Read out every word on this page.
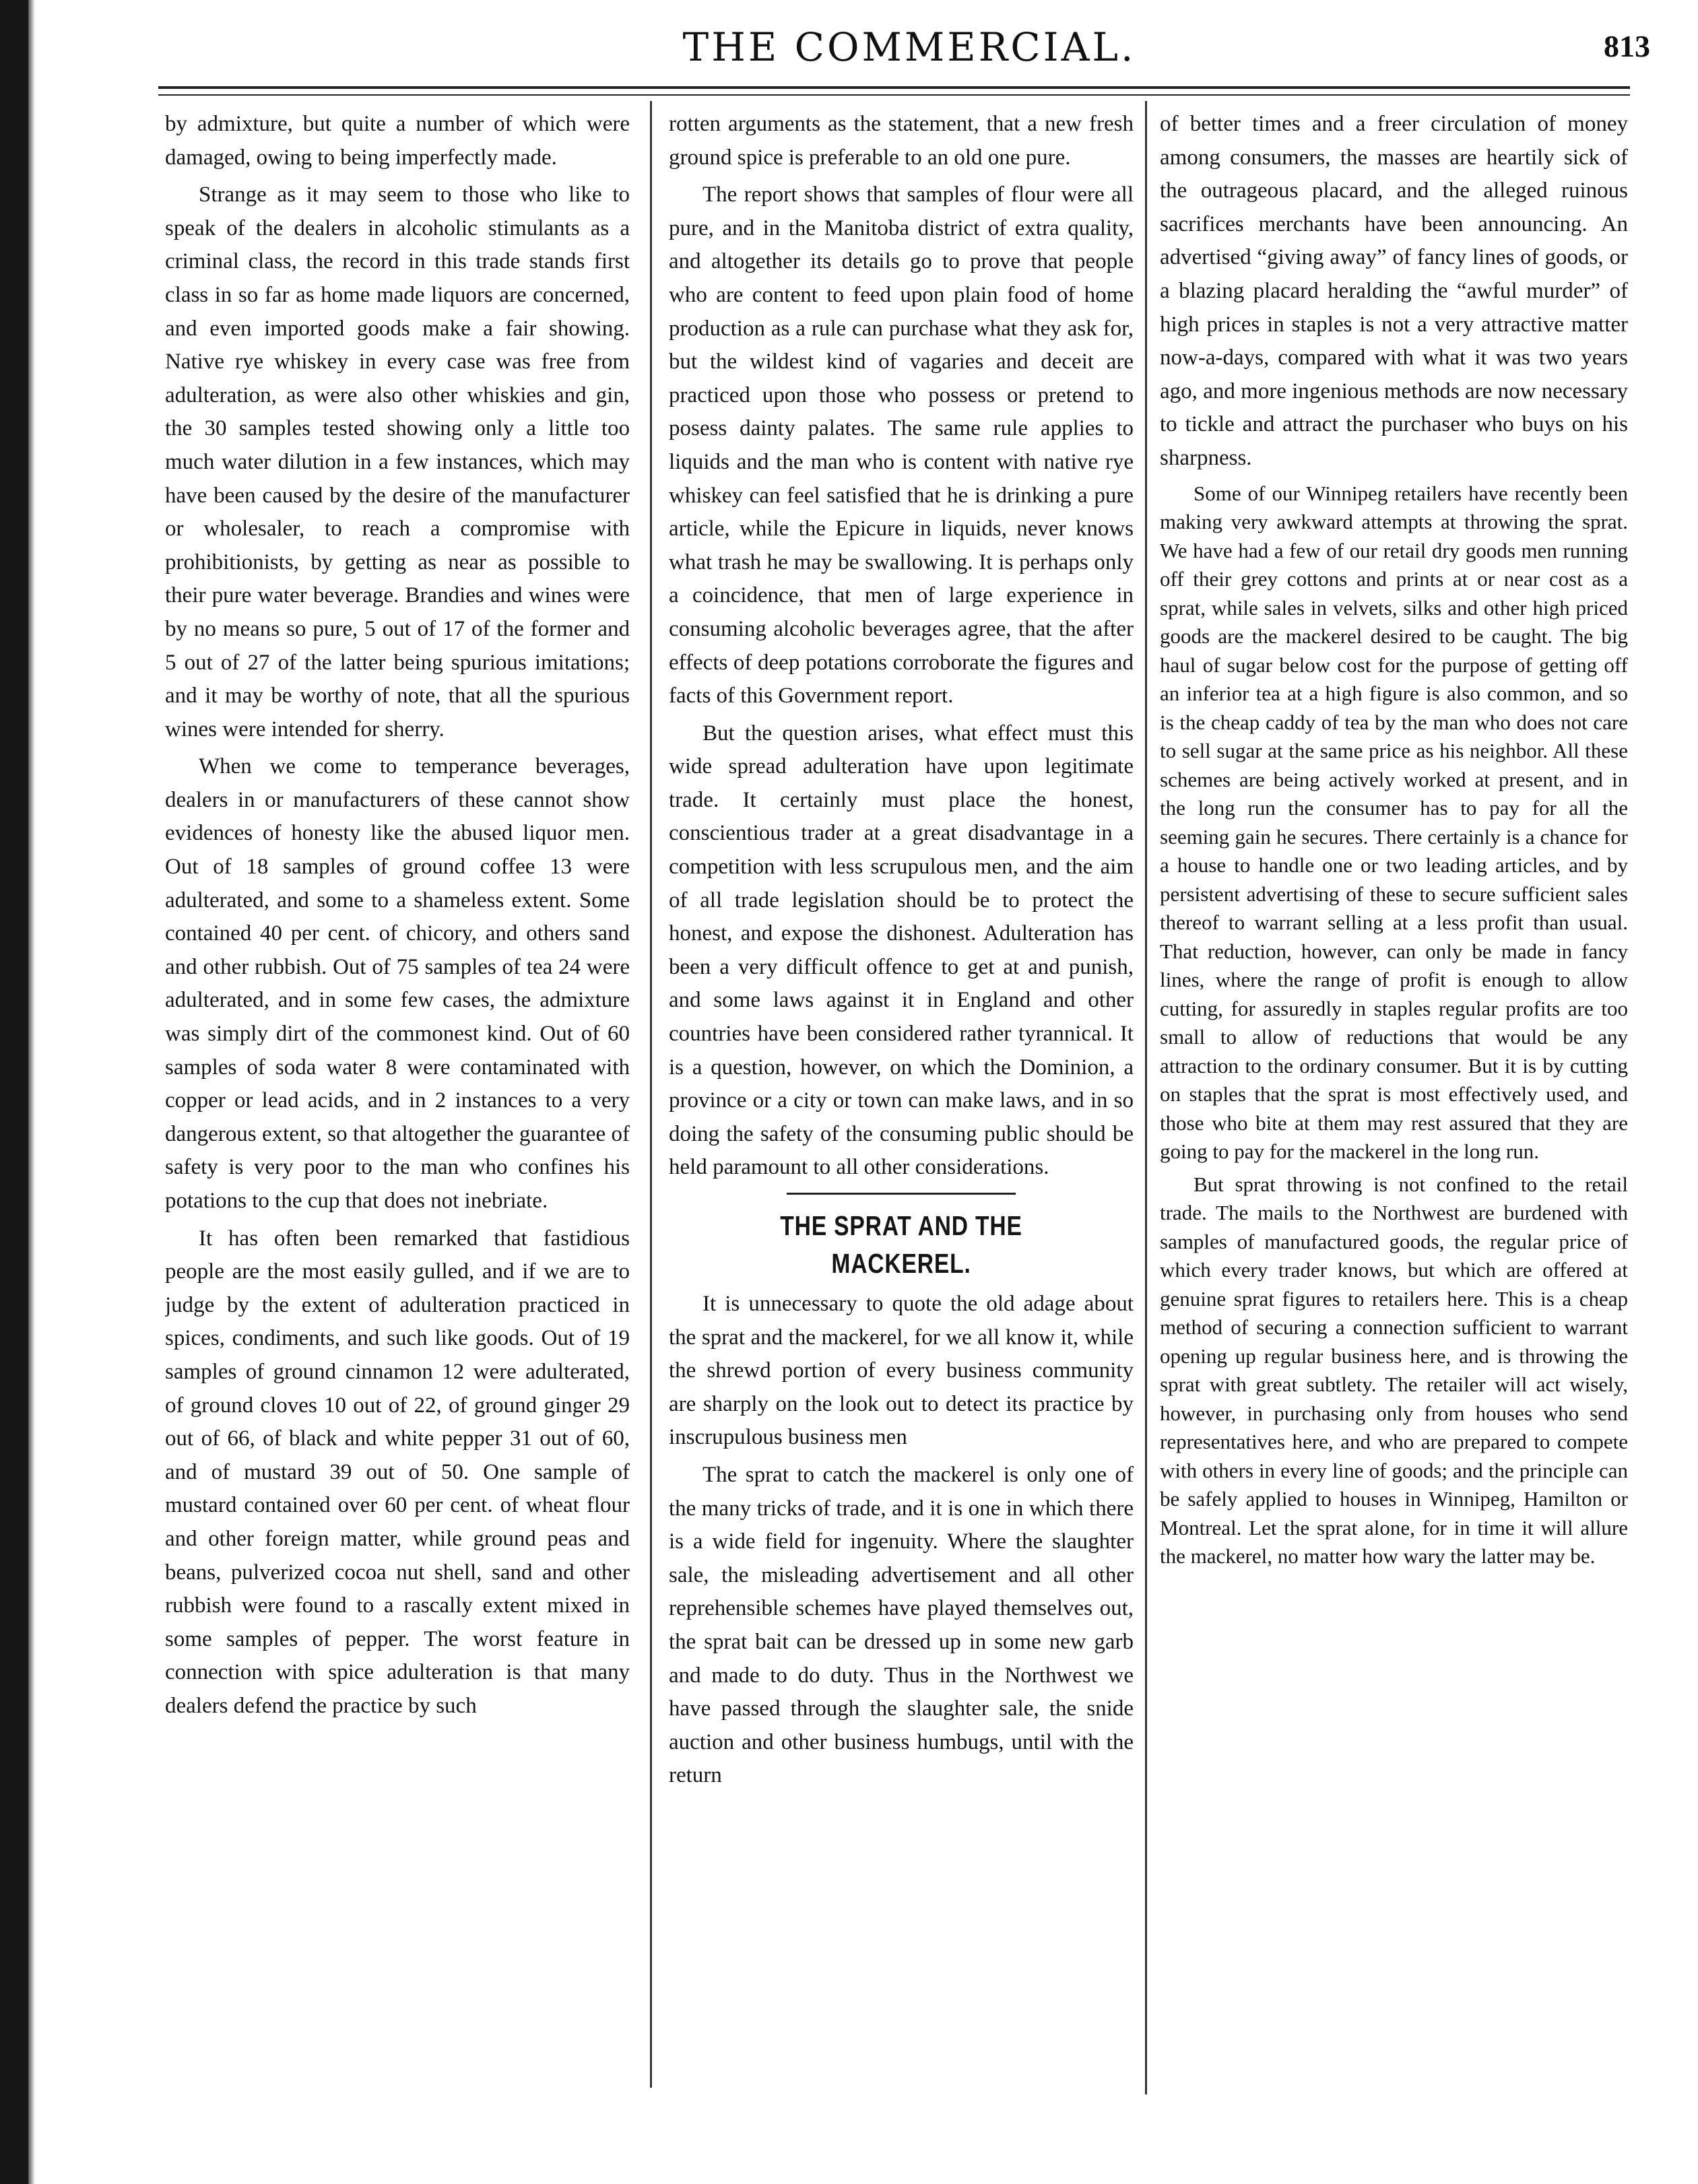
THE COMMERCIAL.	813

by admixture, but quite a number of which were damaged, owing to being imperfectly made.

Strange as it may seem to those who like to speak of the dealers in alcoholic stimulants as a criminal class, the record in this trade stands first class in so far as home made liquors are concerned, and even imported goods make a fair showing. Native rye whiskey in every case was free from adulteration, as were also other whiskies and gin, the 30 samples tested showing only a little too much water dilution in a few instances, which may have been caused by the desire of the manufacturer or wholesaler, to reach a compromise with prohibitionists, by getting as near as possible to their pure water beverage. Brandies and wines were by no means so pure, 5 out of 17 of the former and 5 out of 27 of the latter being spurious imitations; and it may be worthy of note, that all the spurious wines were intended for sherry.

When we come to temperance beverages, dealers in or manufacturers of these cannot show evidences of honesty like the abused liquor men. Out of 18 samples of ground coffee 13 were adulterated, and some to a shameless extent. Some contained 40 per cent. of chicory, and others sand and other rubbish. Out of 75 samples of tea 24 were adulterated, and in some few cases, the admixture was simply dirt of the commonest kind. Out of 60 samples of soda water 8 were contaminated with copper or lead acids, and in 2 instances to a very dangerous extent, so that altogether the guarantee of safety is very poor to the man who confines his potations to the cup that does not inebriate.

It has often been remarked that fastidious people are the most easily gulled, and if we are to judge by the extent of adulteration practiced in spices, condiments, and such like goods. Out of 19 samples of ground cinnamon 12 were adulterated, of ground cloves 10 out of 22, of ground ginger 29 out of 66, of black and white pepper 31 out of 60, and of mustard 39 out of 50. One sample of mustard contained over 60 per cent. of wheat flour and other foreign matter, while ground peas and beans, pulverized cocoa nut shell, sand and other rubbish were found to a rascally extent mixed in some samples of pepper. The worst feature in connection with spice adulteration is that many dealers defend the practice by such

rotten arguments as the statement, that a new fresh ground spice is preferable to an old one pure.

The report shows that samples of flour were all pure, and in the Manitoba district of extra quality, and altogether its details go to prove that people who are content to feed upon plain food of home production as a rule can purchase what they ask for, but the wildest kind of vagaries and deceit are practiced upon those who possess or pretend to posess dainty palates. The same rule applies to liquids and the man who is content with native rye whiskey can feel satisfied that he is drinking a pure article, while the Epicure in liquids, never knows what trash he may be swallowing. It is perhaps only a coincidence, that men of large experience in consuming alcoholic beverages agree, that the after effects of deep potations corroborate the figures and facts of this Government report.

But the question arises, what effect must this wide spread adulteration have upon legitimate trade. It certainly must place the honest, conscientious trader at a great disadvantage in a competition with less scrupulous men, and the aim of all trade legislation should be to protect the honest, and expose the dishonest. Adulteration has been a very difficult offence to get at and punish, and some laws against it in England and other countries have been considered rather tyrannical. It is a question, however, on which the Dominion, a province or a city or town can make laws, and in so doing the safety of the consuming public should be held paramount to all other considerations.

THE SPRAT AND THE MACKEREL.

It is unnecessary to quote the old adage about the sprat and the mackerel, for we all know it, while the shrewd portion of every business community are sharply on the look out to detect its practice by inscrupulous business men

The sprat to catch the mackerel is only one of the many tricks of trade, and it is one in which there is a wide field for ingenuity. Where the slaughter sale, the misleading advertisement and all other reprehensible schemes have played themselves out, the sprat bait can be dressed up in some new garb and made to do duty. Thus in the Northwest we have passed through the slaughter sale, the snide auction and other business humbugs, until with the return

of better times and a freer circulation of money among consumers, the masses are heartily sick of the outrageous placard, and the alleged ruinous sacrifices merchants have been announcing. An advertised “giving away” of fancy lines of goods, or a blazing placard heralding the “awful murder” of high prices in staples is not a very attractive matter now-a-days, compared with what it was two years ago, and more ingenious methods are now necessary to tickle and attract the purchaser who buys on his sharpness.

Some of our Winnipeg retailers have recently been making very awkward attempts at throwing the sprat. We have had a few of our retail dry goods men running off their grey cottons and prints at or near cost as a sprat, while sales in velvets, silks and other high priced goods are the mackerel desired to be caught. The big haul of sugar below cost for the purpose of getting off an inferior tea at a high figure is also common, and so is the cheap caddy of tea by the man who does not care to sell sugar at the same price as his neighbor. All these schemes are being actively worked at present, and in the long run the consumer has to pay for all the seeming gain he secures. There certainly is a chance for a house to handle one or two leading articles, and by persistent advertising of these to secure sufficient sales thereof to warrant selling at a less profit than usual. That reduction, however, can only be made in fancy lines, where the range of profit is enough to allow cutting, for assuredly in staples regular profits are too small to allow of reductions that would be any attraction to the ordinary consumer. But it is by cutting on staples that the sprat is most effectively used, and those who bite at them may rest assured that they are going to pay for the mackerel in the long run.

But sprat throwing is not confined to the retail trade. The mails to the Northwest are burdened with samples of manufactured goods, the regular price of which every trader knows, but which are offered at genuine sprat figures to retailers here. This is a cheap method of securing a connection sufficient to warrant opening up regular business here, and is throwing the sprat with great subtlety. The retailer will act wisely, however, in purchasing only from houses who send representatives here, and who are prepared to compete with others in every line of goods; and the principle can be safely applied to houses in Winnipeg, Hamilton or Montreal. Let the sprat alone, for in time it will allure the mackerel, no matter how wary the latter may be.
